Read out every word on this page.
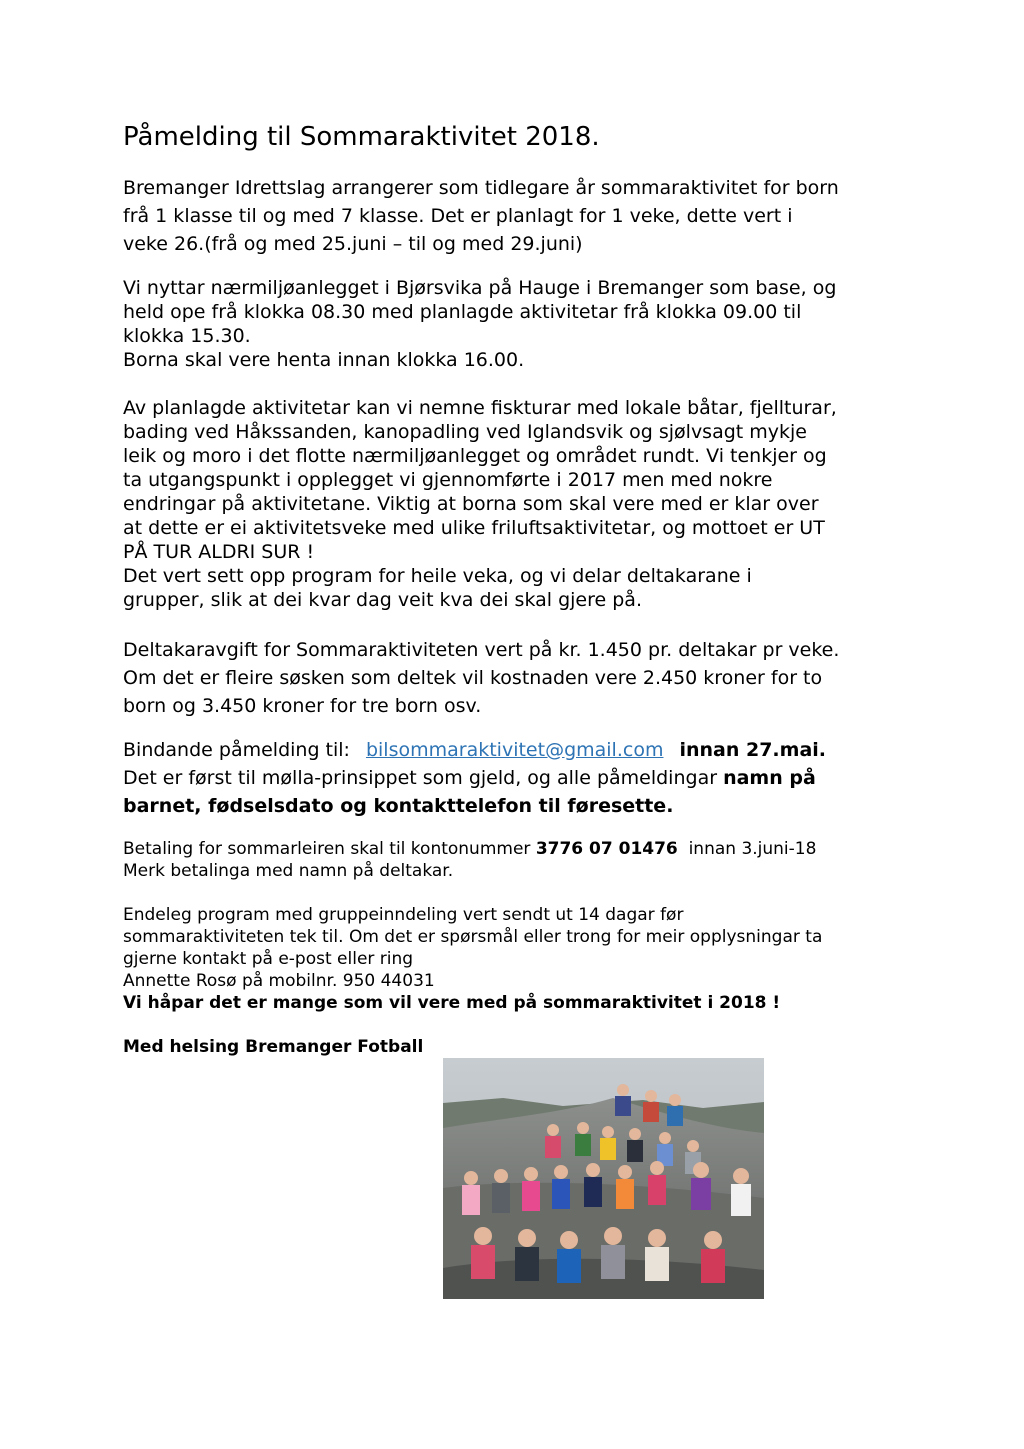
Påmelding til Sommaraktivitet 2018.

Bremanger Idrettslag arrangerer som tidlegare år sommaraktivitet for born
frå 1 klasse til og med 7 klasse. Det er planlagt for 1 veke, dette vert i
veke 26.(frå og med 25.juni – til og med 29.juni)

Vi nyttar nærmiljøanlegget i Bjørsvika på Hauge i Bremanger som base, og
held ope frå klokka 08.30 med planlagde aktivitetar frå klokka 09.00 til
klokka 15.30.
Borna skal vere henta innan klokka 16.00.

Av planlagde aktivitetar kan vi nemne fiskturar med lokale båtar, fjellturar,
bading ved Håkssanden, kanopadling ved Iglandsvik og sjølvsagt mykje
leik og moro i det flotte nærmiljøanlegget og området rundt. Vi tenkjer og
ta utgangspunkt i opplegget vi gjennomførte i 2017 men med nokre
endringar på aktivitetane. Viktig at borna som skal vere med er klar over
at dette er ei aktivitetsveke med ulike friluftsaktivitetar, og mottoet er UT
PÅ TUR ALDRI SUR !
Det vert sett opp program for heile veka, og vi delar deltakarane i
grupper, slik at dei kvar dag veit kva dei skal gjere på.

Deltakaravgift for Sommaraktiviteten vert på kr. 1.450 pr. deltakar pr veke.
Om det er fleire søsken som deltek vil kostnaden vere 2.450 kroner for to
born og 3.450 kroner for tre born osv.

Bindande påmelding til: bilsommaraktivitet@gmail.com innan 27.mai.
Det er først til mølla-prinsippet som gjeld, og alle påmeldingar namn på
barnet, fødselsdato og kontakttelefon til føresette.
Betaling for sommarleiren skal til kontonummer 3776 07 01476  innan 3.juni-18
Merk betalinga med namn på deltakar.
Endeleg program med gruppeinndeling vert sendt ut 14 dagar før
sommaraktiviteten tek til. Om det er spørsmål eller trong for meir opplysningar ta
gjerne kontakt på e-post eller ring
Annette Rosø på mobilnr. 950 44031
Vi håpar det er mange som vil vere med på sommaraktivitet i 2018 !

Med helsing Bremanger Fotball
